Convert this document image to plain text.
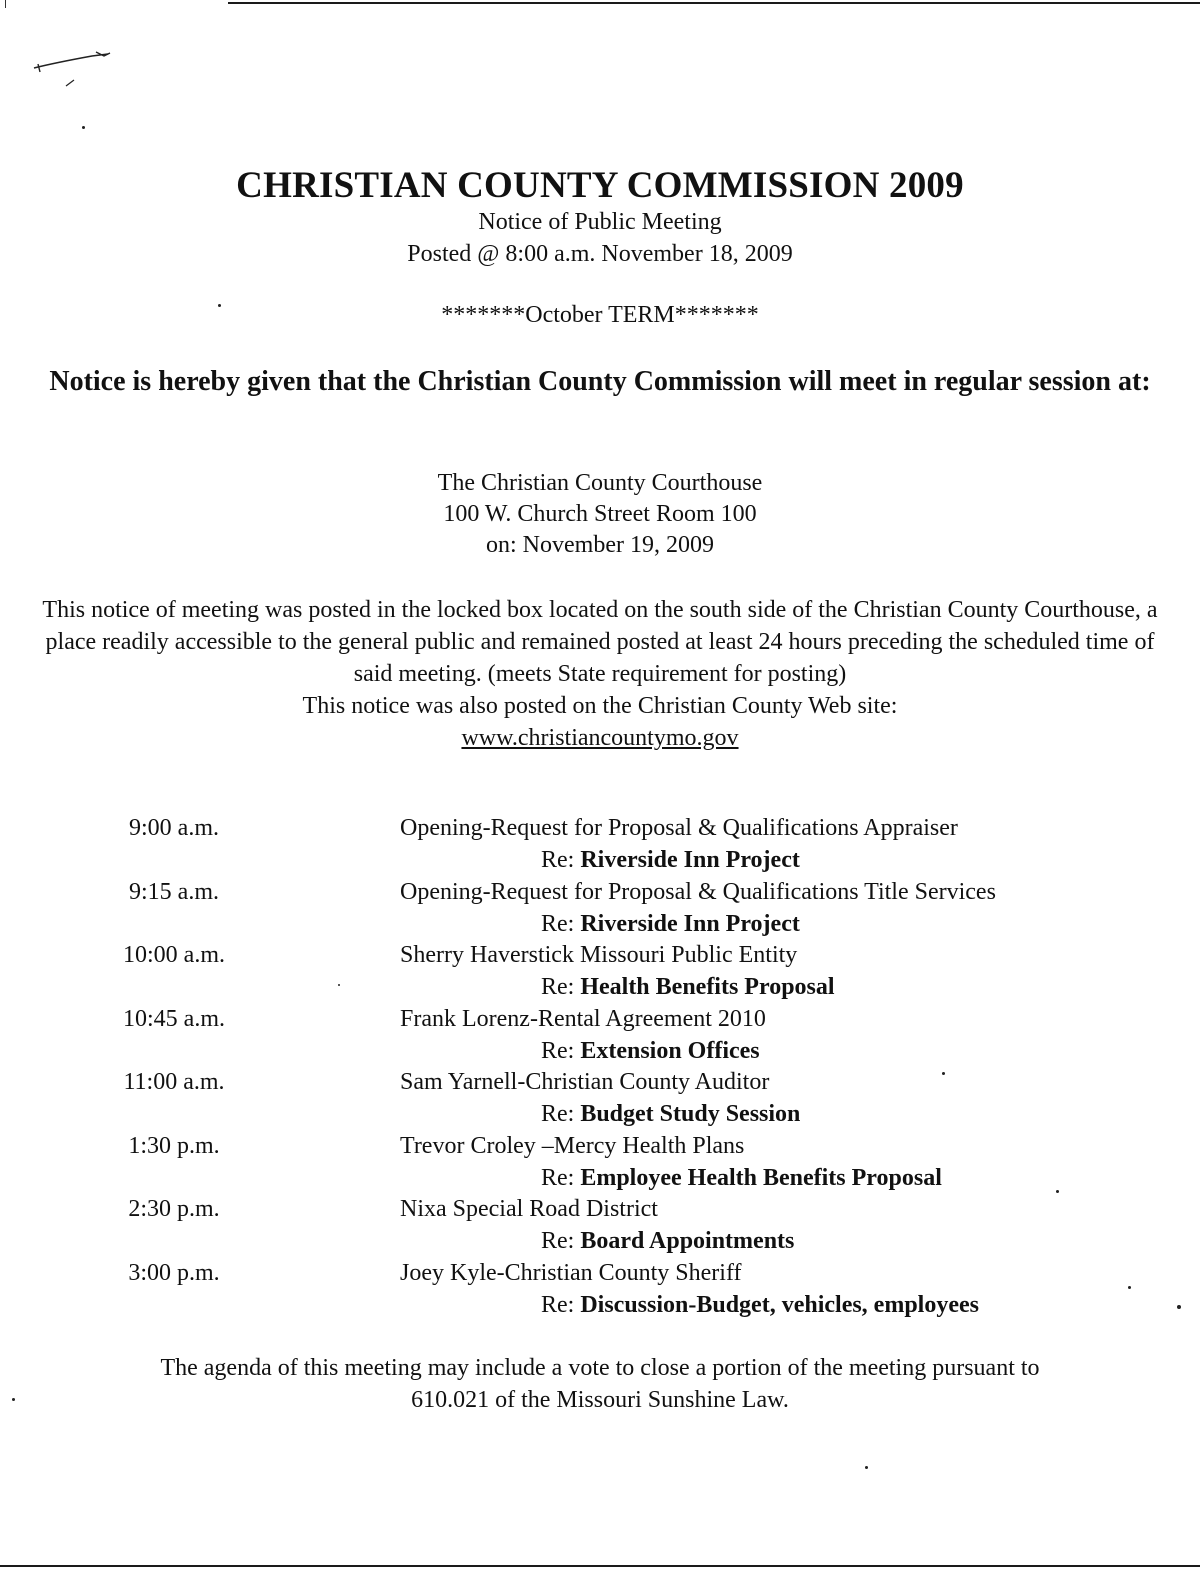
CHRISTIAN COUNTY COMMISSION 2009
Notice of Public Meeting
Posted @ 8:00 a.m. November 18, 2009
*******October TERM*******
Notice is hereby given that the Christian County Commission will meet in regular session at:
The Christian County Courthouse
100 W. Church Street Room 100
on: November 19, 2009
This notice of meeting was posted in the locked box located on the south side of the Christian County Courthouse, a place readily accessible to the general public and remained posted at least 24 hours preceding the scheduled time of said meeting. (meets State requirement for posting)
This notice was also posted on the Christian County Web site:
www.christiancountymo.gov
9:00 a.m.	Opening-Request for Proposal & Qualifications Appraiser
Re: Riverside Inn Project
9:15 a.m.	Opening-Request for Proposal & Qualifications Title Services
Re: Riverside Inn Project
10:00 a.m.	Sherry Haverstick Missouri Public Entity
Re: Health Benefits Proposal
10:45 a.m.	Frank Lorenz-Rental Agreement 2010
Re: Extension Offices
11:00 a.m.	Sam Yarnell-Christian County Auditor
Re: Budget Study Session
1:30 p.m.	Trevor Croley –Mercy Health Plans
Re: Employee Health Benefits Proposal
2:30 p.m.	Nixa Special Road District
Re: Board Appointments
3:00 p.m.	Joey Kyle-Christian County Sheriff
Re: Discussion-Budget, vehicles, employees
The agenda of this meeting may include a vote to close a portion of the meeting pursuant to
610.021 of the Missouri Sunshine Law.
